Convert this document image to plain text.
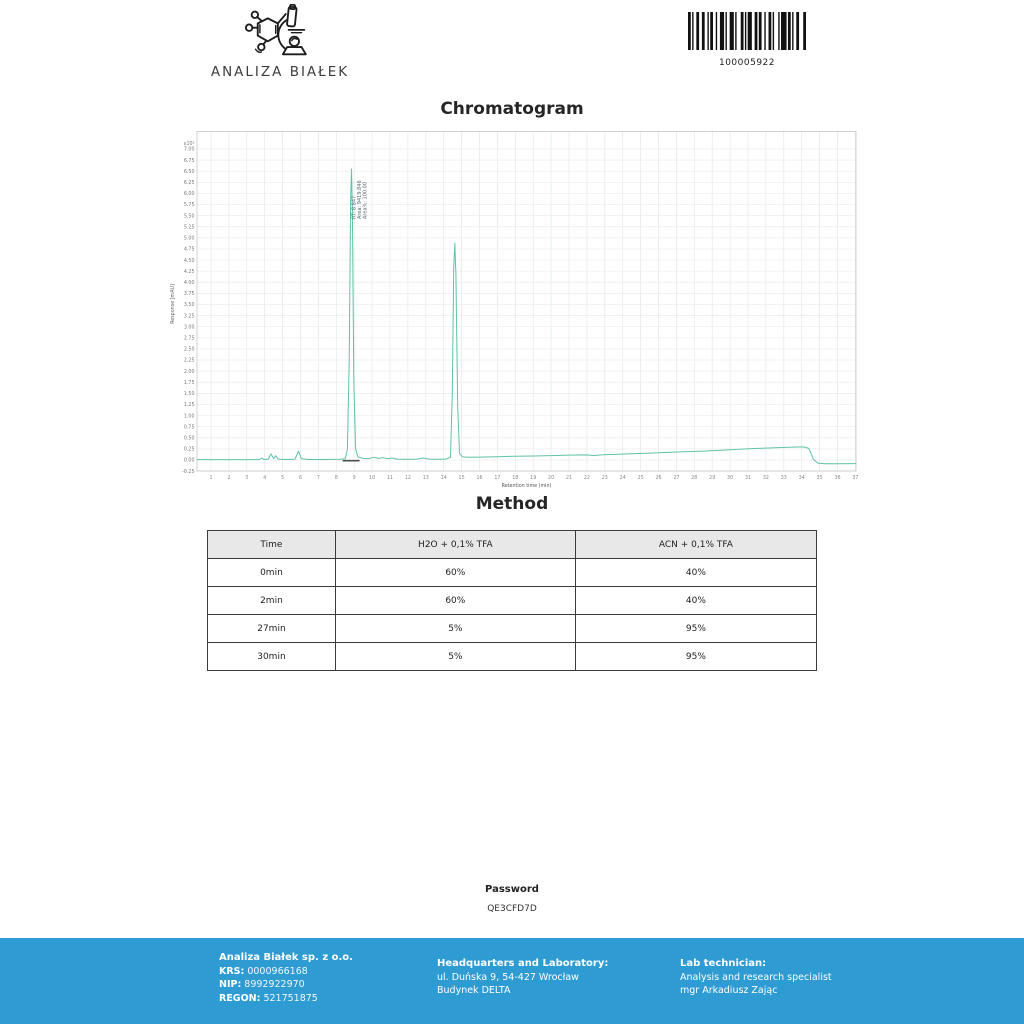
ANALIZA BIAŁEK
100005922
Chromatogram
RT: 8.847 Area: 9419.846 Area%: 100.00
x10²
7.00
6.75
6.50
6.25
6.00
5.75
5.50
5.25
5.00
4.75
4.50
4.25
4.00
3.75
3.50
3.25
3.00
2.75
2.50
2.25
2.00
1.75
1.50
1.25
1.00
0.75
0.50
0.25
0.00
-0.25
1	2	3	4	5	6	7	8	9	10 11 12 13 14 15 16 17 18 19 20 21 22 23 24 25 26 27 28 29 30 31 32 33 34 35 36 37
Retention time (min)
Response [mAU]
Method
Time	H2O + 0,1% TFA	ACN + 0,1% TFA
0min	60%	40%
2min	60%	40%
27min	5%	95%
30min	5%	95%
Password
QE3CFD7D
Analiza Białek sp. z o.o.
KRS: 0000966168
NIP: 8992922970
REGON: 521751875
Headquarters and Laboratory:
ul. Duńska 9, 54-427 Wrocław
Budynek DELTA
Lab technician:
Analysis and research specialist
mgr Arkadiusz Zając
